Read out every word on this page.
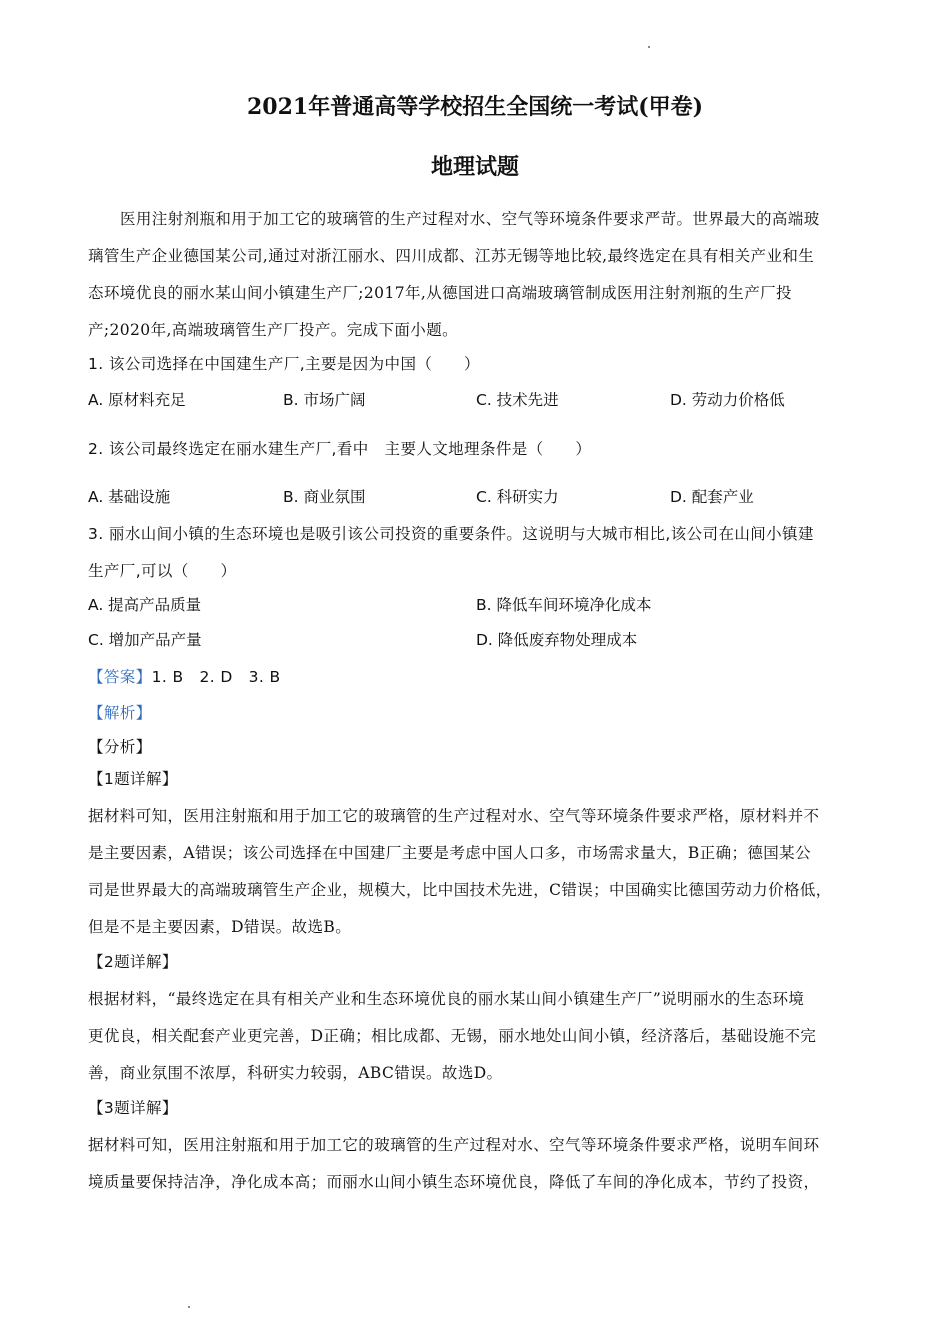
2021年普通高等学校招生全国统一考试(甲卷)
地理试题
医用注射剂瓶和用于加工它的玻璃管的生产过程对水、空气等环境条件要求严苛。世界最大的高端玻
璃管生产企业德国某公司,通过对浙江丽水、四川成都、江苏无锡等地比较,最终选定在具有相关产业和生
态环境优良的丽水某山间小镇建生产厂;2017年,从德国进口高端玻璃管制成医用注射剂瓶的生产厂投
产;2020年,高端玻璃管生产厂投产。完成下面小题。
1. 该公司选择在中国建生产厂,主要是因为中国（　　）
A. 原材料充足	B. 市场广阔	C. 技术先进	D. 劳动力价格低
2. 该公司最终选定在丽水建生产厂,看中　主要人文地理条件是（　　）
A. 基础设施	B. 商业氛围	C. 科研实力	D. 配套产业
3. 丽水山间小镇的生态环境也是吸引该公司投资的重要条件。这说明与大城市相比,该公司在山间小镇建
生产厂,可以（　　）
A. 提高产品质量	B. 降低车间环境净化成本
C. 增加产品产量	D. 降低废弃物处理成本
【答案】1. B　2. D　3. B
【解析】
【分析】
【1题详解】
据材料可知，医用注射瓶和用于加工它的玻璃管的生产过程对水、空气等环境条件要求严格，原材料并不
是主要因素，A错误；该公司选择在中国建厂主要是考虑中国人口多，市场需求量大，B正确；德国某公
司是世界最大的高端玻璃管生产企业，规模大，比中国技术先进，C错误；中国确实比德国劳动力价格低，
但是不是主要因素，D错误。故选B。
【2题详解】
根据材料，“最终选定在具有相关产业和生态环境优良的丽水某山间小镇建生产厂”说明丽水的生态环境
更优良，相关配套产业更完善，D正确；相比成都、无锡，丽水地处山间小镇，经济落后，基础设施不完
善，商业氛围不浓厚，科研实力较弱，ABC错误。故选D。
【3题详解】
据材料可知，医用注射瓶和用于加工它的玻璃管的生产过程对水、空气等环境条件要求严格，说明车间环
境质量要保持洁净，净化成本高；而丽水山间小镇生态环境优良，降低了车间的净化成本，节约了投资，
